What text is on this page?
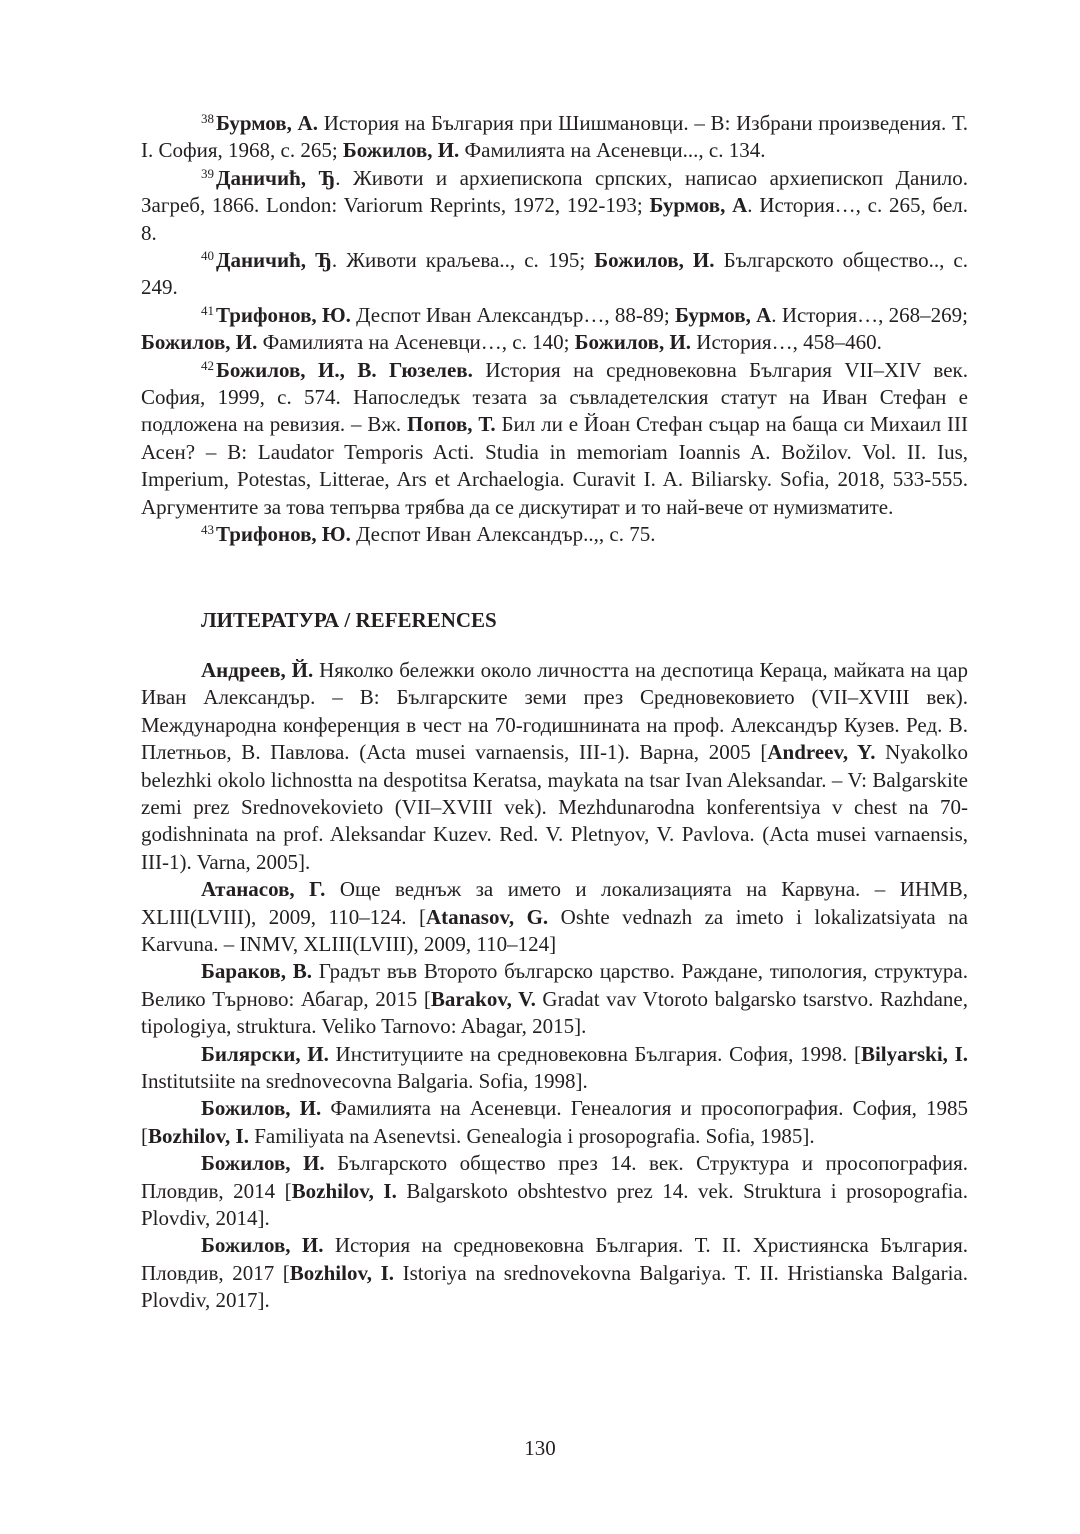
$^{38}$Бурмов, А. История на България при Шишмановци. – В: Избрани произведения. Т. І. София, 1968, с. 265; Божилов, И. Фамилията на Асеневци..., с. 134.

$^{39}$Даничић, Ђ. Животи и архиепископа српских, написао архиепископ Данило. Загреб, 1866. London: Variorum Reprints, 1972, 192-193; Бурмов, А. История…, с. 265, бел. 8.

$^{40}$Даничић, Ђ. Животи краљева.., с. 195; Божилов, И. Българското общество.., с. 249.

$^{41}$Трифонов, Ю. Деспот Иван Александър…, 88-89; Бурмов, А. История…, 268–269; Божилов, И. Фамилията на Асеневци…, с. 140; Божилов, И. История…, 458–460.

$^{42}$Божилов, И., В. Гюзелев. История на средновековна България VII–XIV век. София, 1999, с. 574. Напоследък тезата за съвладетелския статут на Иван Стефан е подложена на ревизия. – Вж. Попов, Т. Бил ли е Йоан Стефан съцар на баща си Михаил III Асен? – В: Laudator Temporis Acti. Studia in memoriam Ioannis A. Božilov. Vol. II. Ius, Imperium, Potestas, Litterae, Ars et Archaelogia. Curavit I. A. Biliarsky. Sofia, 2018, 533-555. Аргументите за това тепърва трябва да се дискутират и то най-вече от нумизматите.

$^{43}$Трифонов, Ю. Деспот Иван Александър..,, с. 75.

ЛИТЕРАТУРА / REFERENCES

Андреев, Й. Няколко бележки около личността на деспотица Кераца, майката на цар Иван Александър. – В: Българските земи през Средновековието (VII–XVIII век). Международна конференция в чест на 70-годишнината на проф. Александър Кузев. Ред. В. Плетньов, В. Павлова. (Acta musei varnaensis, III-1). Варна, 2005 [Andreev, Y. Nyakolko belezhki okolo lichnostta na despotitsa Keratsa, maykata na tsar Ivan Aleksandar. – V: Balgarskite zemi prez Srednovekovieto (VII–XVIII vek). Mezhdunarodna konferentsiya v chest na 70-godishninata na prof. Aleksandar Kuzev. Red. V. Pletnyov, V. Pavlova. (Acta musei varnaensis, III-1). Varna, 2005].

Атанасов, Г. Още веднъж за името и локализацията на Карвуна. – ИНМВ, XLIII(LVIII), 2009, 110–124. [Atanasov, G. Oshte vednazh za imeto i lokalizatsiyata na Karvuna. – INMV, XLIII(LVIII), 2009, 110–124]

Бараков, В. Градът във Второто българско царство. Раждане, типология, структура. Велико Търново: Абагар, 2015 [Barakov, V. Gradat vav Vtoroto balgarsko tsarstvo. Razhdane, tipologiya, struktura. Veliko Tarnovo: Abagar, 2015].

Билярски, И. Институциите на средновековна България. София, 1998. [Bilyarski, I. Institutsiite na srednovecovna Balgaria. Sofia, 1998].

Божилов, И. Фамилията на Асеневци. Генеалогия и просопография. София, 1985 [Bozhilov, I. Familiyata na Asenevtsi. Genealogia i prosopografia. Sofia, 1985].

Божилов, И. Българското общество през 14. век. Структура и просопография. Пловдив, 2014 [Bozhilov, I. Balgarskoto obshtestvo prez 14. vek. Struktura i prosopografia. Plovdiv, 2014].

Божилов, И. История на средновековна България. Т. II. Християнска България. Пловдив, 2017 [Bozhilov, I. Istoriya na srednovekovna Balgariya. T. II. Hristianska Balgaria. Plovdiv, 2017].

130
